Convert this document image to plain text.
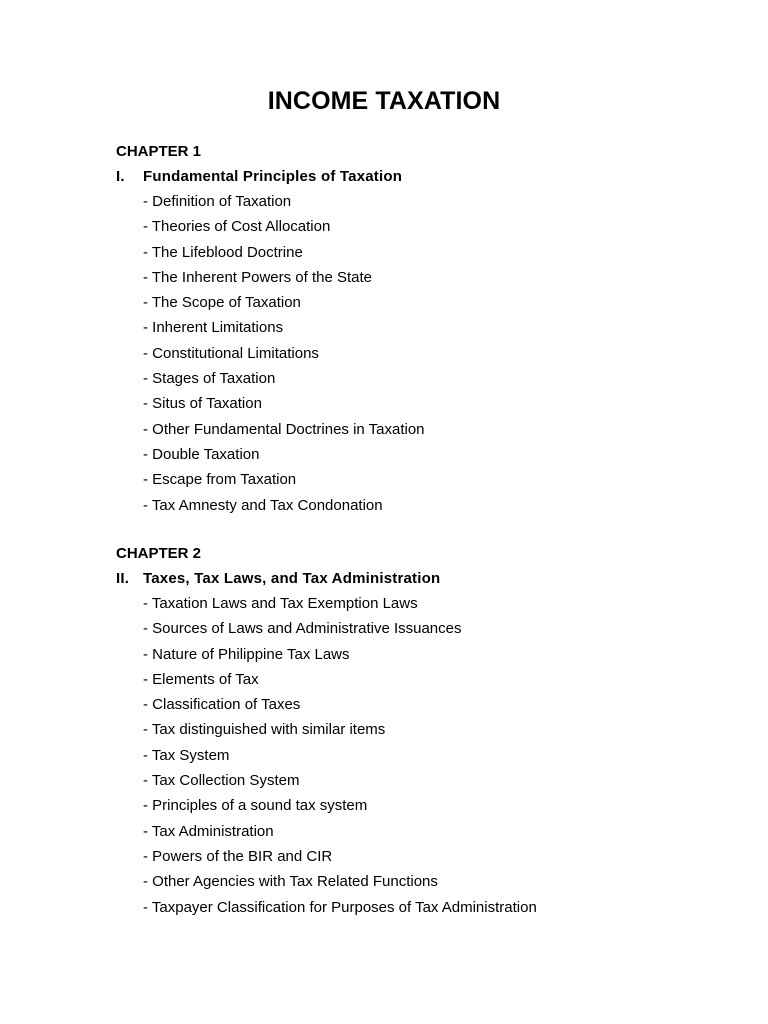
INCOME TAXATION
CHAPTER 1
I. Fundamental Principles of Taxation
- Definition of Taxation
- Theories of Cost Allocation
- The Lifeblood Doctrine
- The Inherent Powers of the State
- The Scope of Taxation
- Inherent Limitations
- Constitutional Limitations
- Stages of Taxation
- Situs of Taxation
- Other Fundamental Doctrines in Taxation
- Double Taxation
- Escape from Taxation
- Tax Amnesty and Tax Condonation
CHAPTER 2
II. Taxes, Tax Laws, and Tax Administration
- Taxation Laws and Tax Exemption Laws
- Sources of Laws and Administrative Issuances
- Nature of Philippine Tax Laws
- Elements of Tax
- Classification of Taxes
- Tax distinguished with similar items
- Tax System
- Tax Collection System
- Principles of a sound tax system
- Tax Administration
- Powers of the BIR and CIR
- Other Agencies with Tax Related Functions
- Taxpayer Classification for Purposes of Tax Administration
